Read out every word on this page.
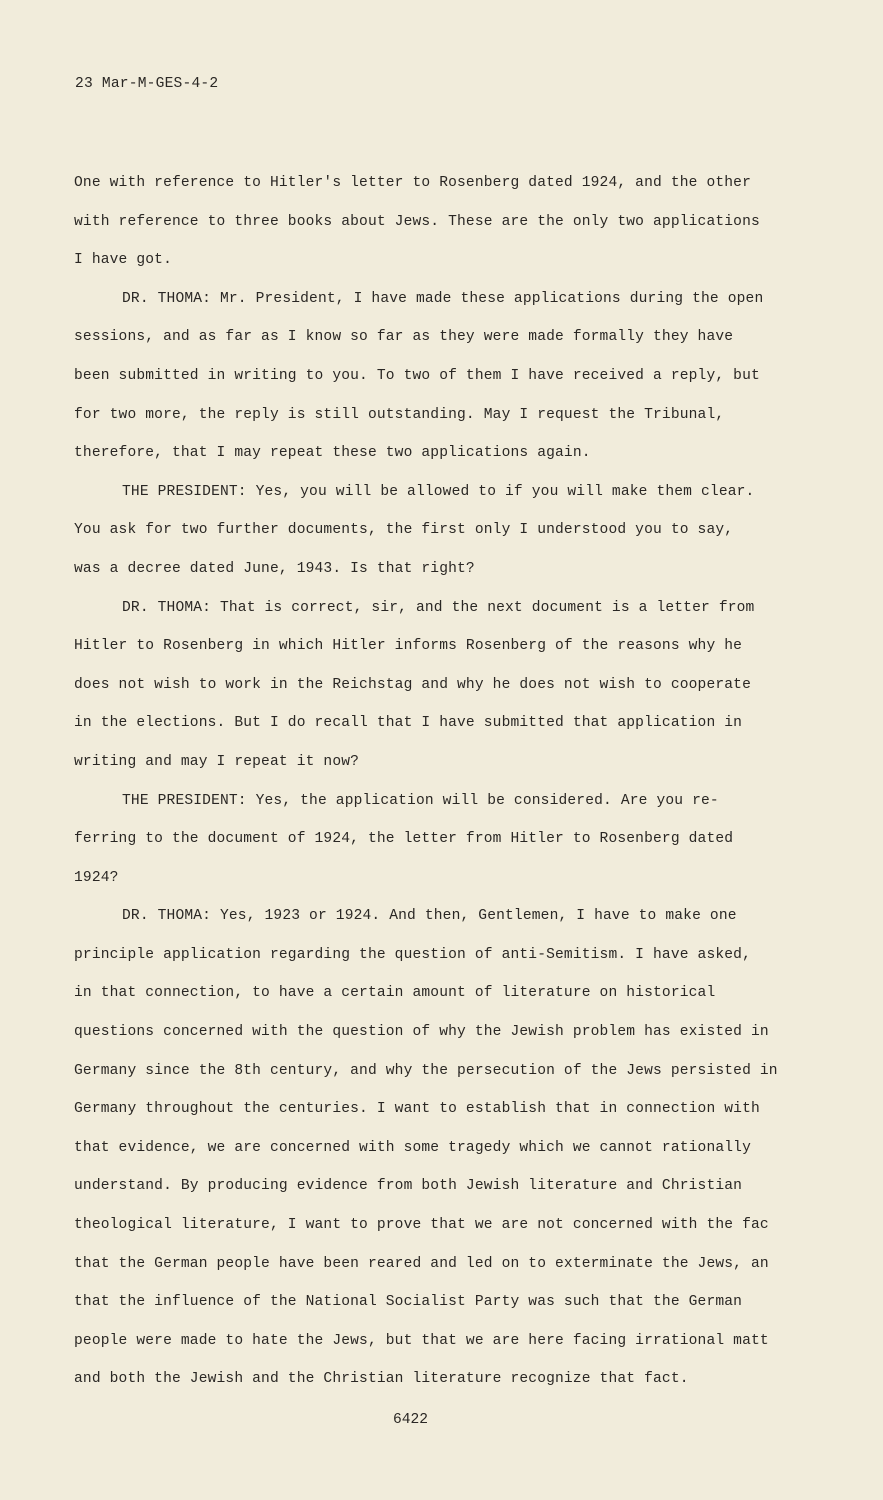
23 Mar-M-GES-4-2
One with reference to Hitler's letter to Rosenberg dated 1924, and the other
with reference to three books about Jews. These are the only two applications
I have got.
DR. THOMA: Mr. President, I have made these applications during the open
sessions, and as far as I know so far as they were made formally they have
been submitted in writing to you. To two of them I have received a reply, but
for two more, the reply is still outstanding. May I request the Tribunal,
therefore, that I may repeat these two applications again.
THE PRESIDENT: Yes, you will be allowed to if you will make them clear.
You ask for two further documents, the first only I understood you to say,
was a decree dated June, 1943. Is that right?
DR. THOMA: That is correct, sir, and the next document is a letter from
Hitler to Rosenberg in which Hitler informs Rosenberg of the reasons why he
does not wish to work in the Reichstag and why he does not wish to cooperate
in the elections. But I do recall that I have submitted that application in
writing and may I repeat it now?
THE PRESIDENT: Yes, the application will be considered. Are you re-
ferring to the document of 1924, the letter from Hitler to Rosenberg dated
1924?
DR. THOMA: Yes, 1923 or 1924. And then, Gentlemen, I have to make one
principle application regarding the question of anti-Semitism. I have asked,
in that connection, to have a certain amount of literature on historical
questions concerned with the question of why the Jewish problem has existed in
Germany since the 8th century, and why the persecution of the Jews persisted in
Germany throughout the centuries. I want to establish that in connection with
that evidence, we are concerned with some tragedy which we cannot rationally
understand. By producing evidence from both Jewish literature and Christian
theological literature, I want to prove that we are not concerned with the fac
that the German people have been reared and led on to exterminate the Jews, an
that the influence of the National Socialist Party was such that the German
people were made to hate the Jews, but that we are here facing irrational matt
and both the Jewish and the Christian literature recognize that fact.
6422
